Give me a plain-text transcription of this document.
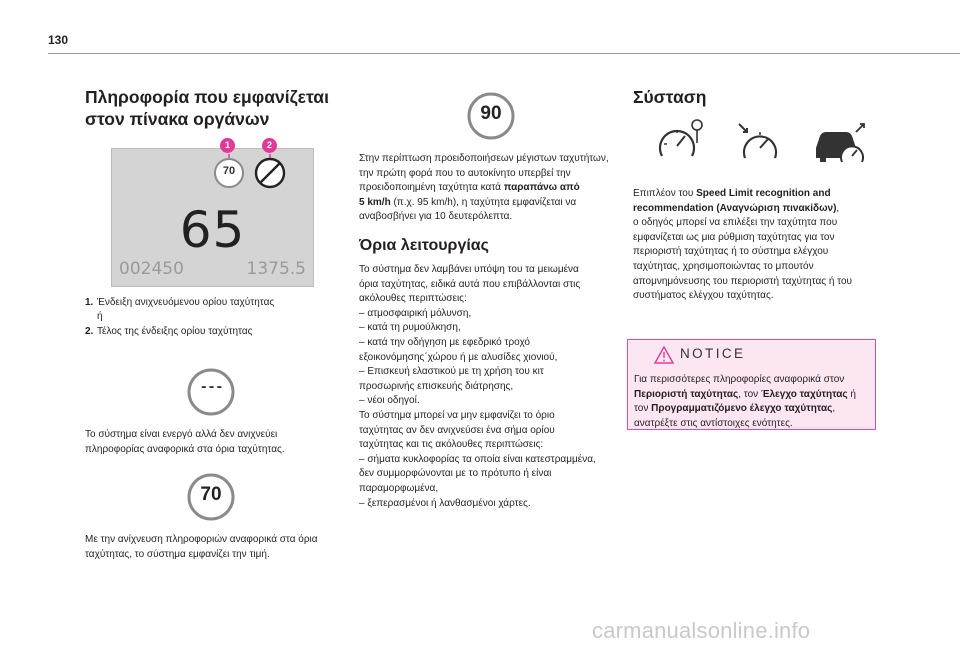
130
Πληροφορία που εμφανίζεται
στον πίνακα οργάνων
70
65
002450	1375.5
1	2
1. Ένδειξη ανιχνευόμενου ορίου ταχύτητας
ή
2. Τέλος της ένδειξης ορίου ταχύτητας
- - -
Το σύστημα είναι ενεργό αλλά δεν ανιχνεύει
πληροφορίας αναφορικά στα όρια ταχύτητας.
70
Με την ανίχνευση πληροφοριών αναφορικά στα όρια
ταχύτητας, το σύστημα εμφανίζει την τιμή.
90
Στην περίπτωση προειδοποιήσεων μέγιστων ταχυτήτων,
την πρώτη φορά που το αυτοκίνητο υπερβεί την
προειδοποιημένη ταχύτητα κατά παραπάνω από
5 km/h (π.χ. 95 km/h), η ταχύτητα εμφανίζεται να
αναβοσβήνει για 10 δευτερόλεπτα.
Όρια λειτουργίας
Το σύστημα δεν λαμβάνει υπόψη του τα μειωμένα
όρια ταχύτητας, ειδικά αυτά που επιβάλλονται στις
ακόλουθες περιπτώσεις:
– ατμοσφαιρική μόλυνση,
– κατά τη ρυμούλκηση,
– κατά την οδήγηση με εφεδρικό τροχό
εξοικονόμησης΄χώρου ή με αλυσίδες χιονιού,
– Επισκευή ελαστικού με τη χρήση του κιτ
προσωρινής επισκευής διάτρησης,
– νέοι οδηγοί.
Το σύστημα μπορεί να μην εμφανίζει το όριο
ταχύτητας αν δεν ανιχνεύσει ένα σήμα ορίου
ταχύτητας και τις ακόλουθες περιπτώσεις:
– σήματα κυκλοφορίας τα οποία είναι κατεστραμμένα,
δεν συμμορφώνονται με το πρότυπο ή είναι
παραμορφωμένα,
– ξεπερασμένοι ή λανθασμένοι χάρτες.
Σύσταση
Επιπλέον του Speed Limit recognition and
recommendation (Αναγνώριση πινακίδων),
ο οδηγός μπορεί να επιλέξει την ταχύτητα που
εμφανίζεται ως μια ρύθμιση ταχύτητας για τον
περιοριστή ταχύτητας ή το σύστημα ελέγχου
ταχύτητας, χρησιμοποιώντας το μπουτόν
απομνημόνευσης του περιοριστή ταχύτητας ή του
συστήματος ελέγχου ταχύτητας.
NOTICE
Για περισσότερες πληροφορίες αναφορικά στον
Περιοριστή ταχύτητας, τον Έλεγχο ταχύτητας ή
τον Προγραμματιζόμενο έλεγχο ταχύτητας,
ανατρέξτε στις αντίστοιχες ενότητες.
carmanualsonline.info
